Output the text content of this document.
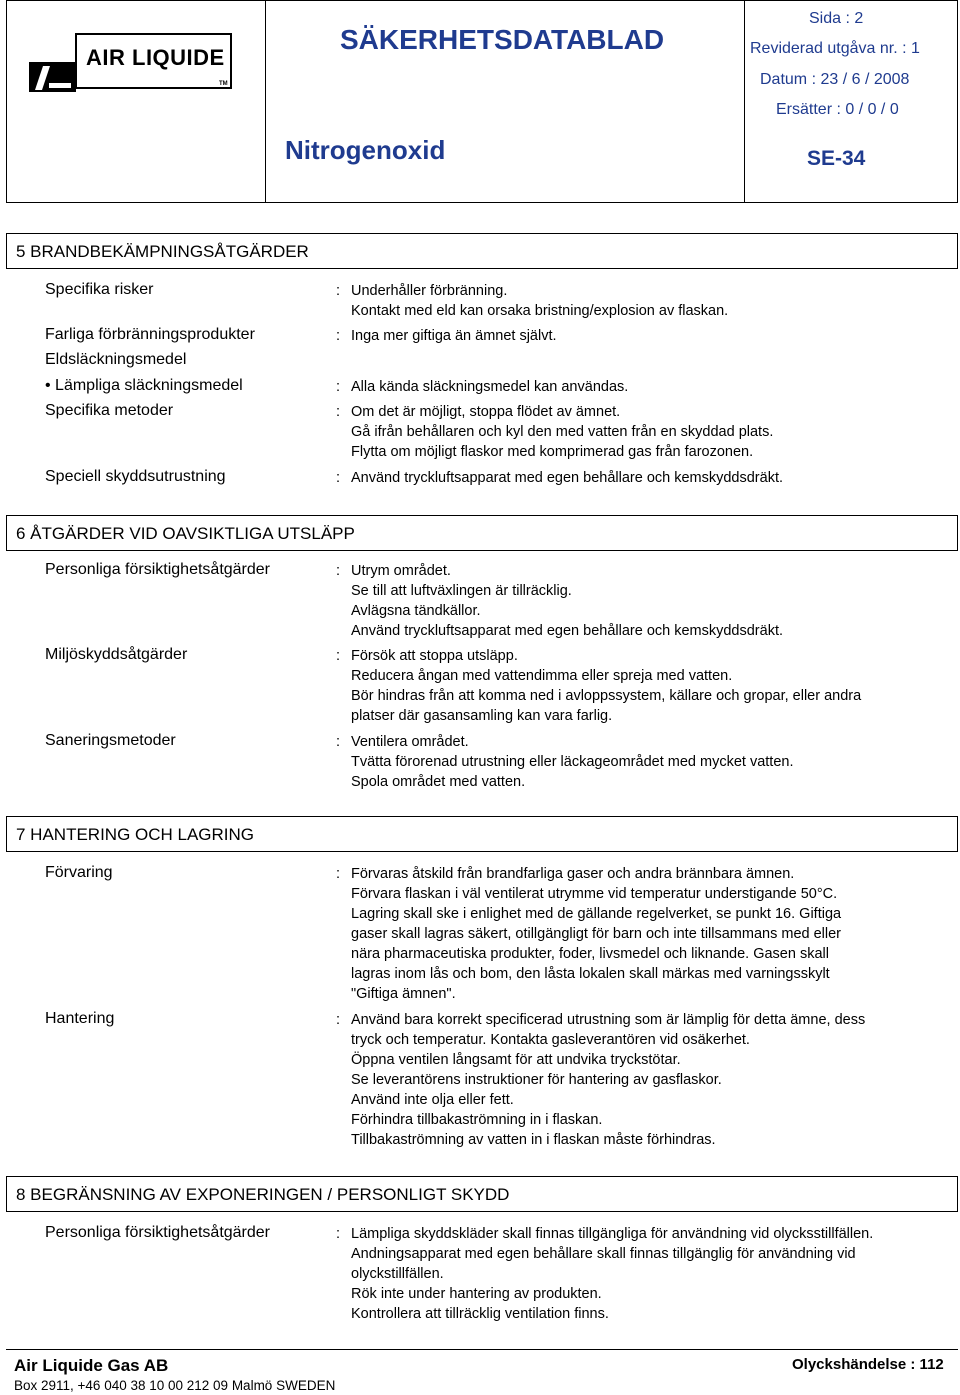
AIR LIQUIDE
TM
SÄKERHETSDATABLAD
Nitrogenoxid
Sida : 2
Reviderad utgåva nr. : 1
Datum : 23 / 6 / 2008
Ersätter : 0 / 0 / 0
SE-34
5 BRANDBEKÄMPNINGSÅTGÄRDER
Specifika risker	: Underhåller förbränning.
Kontakt med eld kan orsaka bristning/explosion av flaskan.
Farliga förbränningsprodukter	: Inga mer giftiga än ämnet självt.
Eldsläckningsmedel
• Lämpliga släckningsmedel	: Alla kända släckningsmedel kan användas.
Specifika metoder	: Om det är möjligt, stoppa flödet av ämnet.
Gå ifrån behållaren och kyl den med vatten från en skyddad plats.
Flytta om möjligt flaskor med komprimerad gas från farozonen.
Speciell skyddsutrustning	: Använd tryckluftsapparat med egen behållare och kemskyddsdräkt.
6 ÅTGÄRDER VID OAVSIKTLIGA UTSLÄPP
Personliga försiktighetsåtgärder	: Utrym området.
Se till att luftväxlingen är tillräcklig.
Avlägsna tändkällor.
Använd tryckluftsapparat med egen behållare och kemskyddsdräkt.
Miljöskyddsåtgärder	: Försök att stoppa utsläpp.
Reducera ångan med vattendimma eller spreja med vatten.
Bör hindras från att komma ned i avloppssystem, källare och gropar, eller andra
platser där gasansamling kan vara farlig.
Saneringsmetoder	: Ventilera området.
Tvätta förorenad utrustning eller läckageområdet med mycket vatten.
Spola området med vatten.
7 HANTERING OCH LAGRING
Förvaring	: Förvaras åtskild från brandfarliga gaser och andra brännbara ämnen.
Förvara flaskan i väl ventilerat utrymme vid temperatur understigande 50°C.
Lagring skall ske i enlighet med de gällande regelverket, se punkt 16. Giftiga
gaser skall lagras säkert, otillgängligt för barn och inte tillsammans med eller
nära pharmaceutiska produkter, foder, livsmedel och liknande. Gasen skall
lagras inom lås och bom, den låsta lokalen skall märkas med varningsskylt
"Giftiga ämnen".
Hantering	: Använd bara korrekt specificerad utrustning som är lämplig för detta ämne, dess
tryck och temperatur. Kontakta gasleverantören vid osäkerhet.
Öppna ventilen långsamt för att undvika tryckstötar.
Se leverantörens instruktioner för hantering av gasflaskor.
Använd inte olja eller fett.
Förhindra tillbakaströmning in i flaskan.
Tillbakaströmning av vatten in i flaskan måste förhindras.
8 BEGRÄNSNING AV EXPONERINGEN / PERSONLIGT SKYDD
Personliga försiktighetsåtgärder	: Lämpliga skyddskläder skall finnas tillgängliga för användning vid olycksstillfällen.
Andningsapparat med egen behållare skall finnas tillgänglig för användning vid
olyckstillfällen.
Rök inte under hantering av produkten.
Kontrollera att tillräcklig ventilation finns.
Air Liquide Gas AB	Olyckshändelse : 112
Box 2911, +46 040 38 10 00 212 09 Malmö SWEDEN
